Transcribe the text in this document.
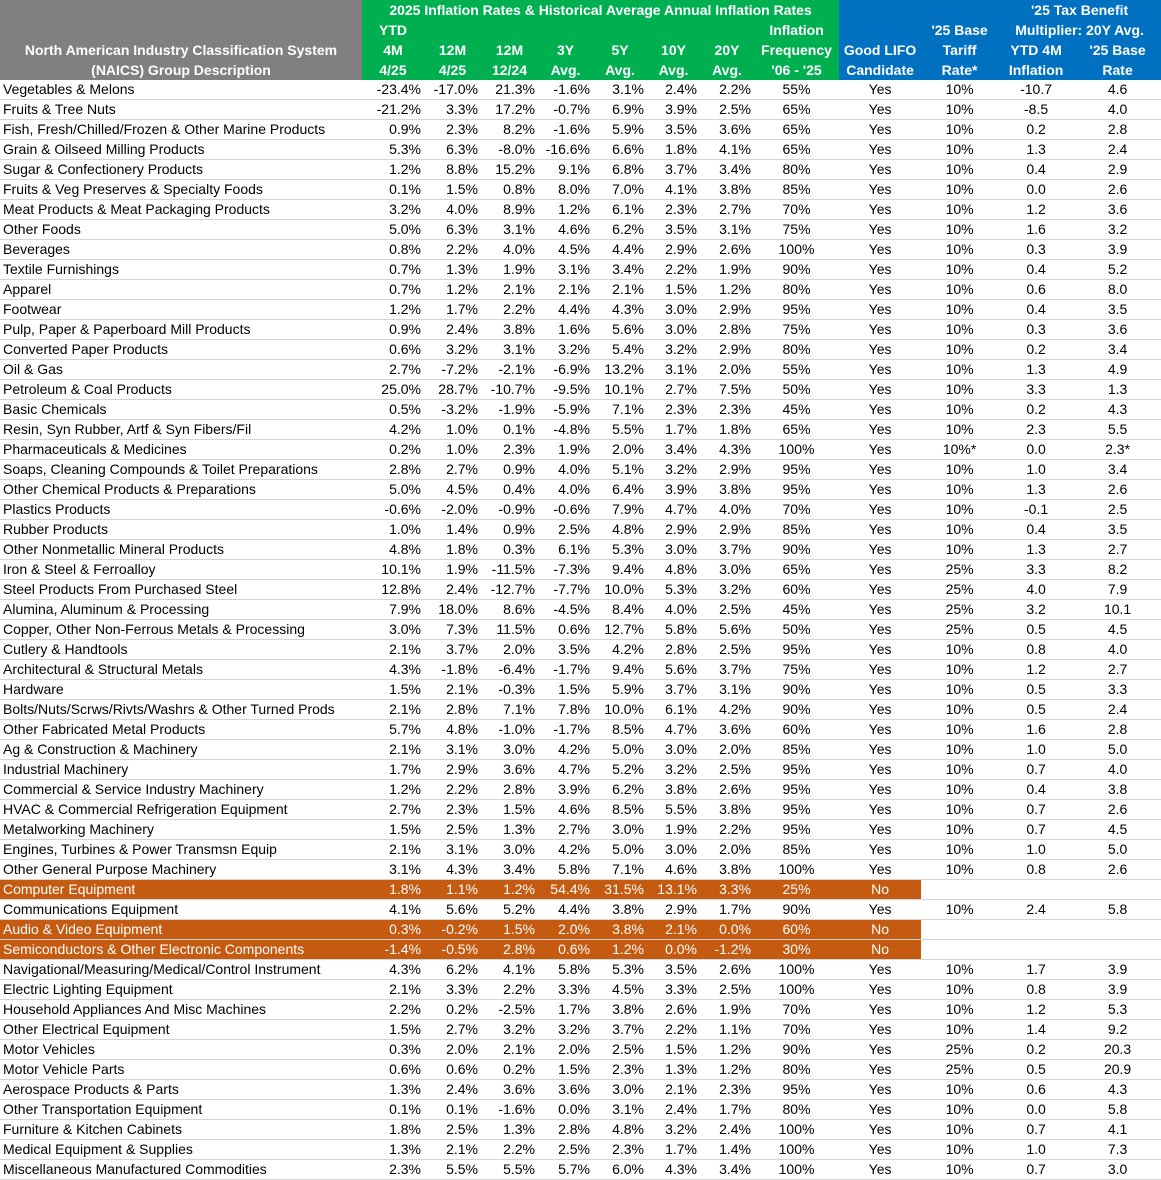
	2025 Inflation Rates & Historical Average Annual Inflation Rates										'25 Tax Benefit	
	YTD							Inflation		'25 Base	Multiplier: 20Y Avg.	
North American Industry Classification System	4M	12M	12M	3Y	5Y	10Y	20Y	Frequency	Good LIFO	Tariff	YTD 4M	'25 Base
(NAICS) Group Description	4/25	4/25	12/24	Avg.	Avg.	Avg.	Avg.	'06 - '25	Candidate	Rate*	Inflation	Rate
Vegetables & Melons	-23.4%	-17.0%	21.3%	-1.6%	3.1%	2.4%	2.2%	55%	Yes	10%	-10.7	4.6
Fruits & Tree Nuts	-21.2%	3.3%	17.2%	-0.7%	6.9%	3.9%	2.5%	65%	Yes	10%	-8.5	4.0
Fish, Fresh/Chilled/Frozen & Other Marine Products	0.9%	2.3%	8.2%	-1.6%	5.9%	3.5%	3.6%	65%	Yes	10%	0.2	2.8
Grain & Oilseed Milling Products	5.3%	6.3%	-8.0%	-16.6%	6.6%	1.8%	4.1%	65%	Yes	10%	1.3	2.4
Sugar & Confectionery Products	1.2%	8.8%	15.2%	9.1%	6.8%	3.7%	3.4%	80%	Yes	10%	0.4	2.9
Fruits & Veg Preserves & Specialty Foods	0.1%	1.5%	0.8%	8.0%	7.0%	4.1%	3.8%	85%	Yes	10%	0.0	2.6
Meat Products & Meat Packaging Products	3.2%	4.0%	8.9%	1.2%	6.1%	2.3%	2.7%	70%	Yes	10%	1.2	3.6
Other Foods	5.0%	6.3%	3.1%	4.6%	6.2%	3.5%	3.1%	75%	Yes	10%	1.6	3.2
Beverages	0.8%	2.2%	4.0%	4.5%	4.4%	2.9%	2.6%	100%	Yes	10%	0.3	3.9
Textile Furnishings	0.7%	1.3%	1.9%	3.1%	3.4%	2.2%	1.9%	90%	Yes	10%	0.4	5.2
Apparel	0.7%	1.2%	2.1%	2.1%	2.1%	1.5%	1.2%	80%	Yes	10%	0.6	8.0
Footwear	1.2%	1.7%	2.2%	4.4%	4.3%	3.0%	2.9%	95%	Yes	10%	0.4	3.5
Pulp, Paper & Paperboard Mill Products	0.9%	2.4%	3.8%	1.6%	5.6%	3.0%	2.8%	75%	Yes	10%	0.3	3.6
Converted Paper Products	0.6%	3.2%	3.1%	3.2%	5.4%	3.2%	2.9%	80%	Yes	10%	0.2	3.4
Oil & Gas	2.7%	-7.2%	-2.1%	-6.9%	13.2%	3.1%	2.0%	55%	Yes	10%	1.3	4.9
Petroleum & Coal Products	25.0%	28.7%	-10.7%	-9.5%	10.1%	2.7%	7.5%	50%	Yes	10%	3.3	1.3
Basic Chemicals	0.5%	-3.2%	-1.9%	-5.9%	7.1%	2.3%	2.3%	45%	Yes	10%	0.2	4.3
Resin, Syn Rubber, Artf & Syn Fibers/Fil	4.2%	1.0%	0.1%	-4.8%	5.5%	1.7%	1.8%	65%	Yes	10%	2.3	5.5
Pharmaceuticals & Medicines	0.2%	1.0%	2.3%	1.9%	2.0%	3.4%	4.3%	100%	Yes	10%*	0.0	2.3*
Soaps, Cleaning Compounds & Toilet Preparations	2.8%	2.7%	0.9%	4.0%	5.1%	3.2%	2.9%	95%	Yes	10%	1.0	3.4
Other Chemical Products & Preparations	5.0%	4.5%	0.4%	4.0%	6.4%	3.9%	3.8%	95%	Yes	10%	1.3	2.6
Plastics Products	-0.6%	-2.0%	-0.9%	-0.6%	7.9%	4.7%	4.0%	70%	Yes	10%	-0.1	2.5
Rubber Products	1.0%	1.4%	0.9%	2.5%	4.8%	2.9%	2.9%	85%	Yes	10%	0.4	3.5
Other Nonmetallic Mineral Products	4.8%	1.8%	0.3%	6.1%	5.3%	3.0%	3.7%	90%	Yes	10%	1.3	2.7
Iron & Steel & Ferroalloy	10.1%	1.9%	-11.5%	-7.3%	9.4%	4.8%	3.0%	65%	Yes	25%	3.3	8.2
Steel Products From Purchased Steel	12.8%	2.4%	-12.7%	-7.7%	10.0%	5.3%	3.2%	60%	Yes	25%	4.0	7.9
Alumina, Aluminum & Processing	7.9%	18.0%	8.6%	-4.5%	8.4%	4.0%	2.5%	45%	Yes	25%	3.2	10.1
Copper, Other Non-Ferrous Metals & Processing	3.0%	7.3%	11.5%	0.6%	12.7%	5.8%	5.6%	50%	Yes	25%	0.5	4.5
Cutlery & Handtools	2.1%	3.7%	2.0%	3.5%	4.2%	2.8%	2.5%	95%	Yes	10%	0.8	4.0
Architectural & Structural Metals	4.3%	-1.8%	-6.4%	-1.7%	9.4%	5.6%	3.7%	75%	Yes	10%	1.2	2.7
Hardware	1.5%	2.1%	-0.3%	1.5%	5.9%	3.7%	3.1%	90%	Yes	10%	0.5	3.3
Bolts/Nuts/Scrws/Rivts/Washrs & Other Turned Prods	2.1%	2.8%	7.1%	7.8%	10.0%	6.1%	4.2%	90%	Yes	10%	0.5	2.4
Other Fabricated Metal Products	5.7%	4.8%	-1.0%	-1.7%	8.5%	4.7%	3.6%	60%	Yes	10%	1.6	2.8
Ag & Construction & Machinery	2.1%	3.1%	3.0%	4.2%	5.0%	3.0%	2.0%	85%	Yes	10%	1.0	5.0
Industrial Machinery	1.7%	2.9%	3.6%	4.7%	5.2%	3.2%	2.5%	95%	Yes	10%	0.7	4.0
Commercial & Service Industry Machinery	1.2%	2.2%	2.8%	3.9%	6.2%	3.8%	2.6%	95%	Yes	10%	0.4	3.8
HVAC & Commercial Refrigeration Equipment	2.7%	2.3%	1.5%	4.6%	8.5%	5.5%	3.8%	95%	Yes	10%	0.7	2.6
Metalworking Machinery	1.5%	2.5%	1.3%	2.7%	3.0%	1.9%	2.2%	95%	Yes	10%	0.7	4.5
Engines, Turbines & Power Transmsn Equip	2.1%	3.1%	3.0%	4.2%	5.0%	3.0%	2.0%	85%	Yes	10%	1.0	5.0
Other General Purpose Machinery	3.1%	4.3%	3.4%	5.8%	7.1%	4.6%	3.8%	100%	Yes	10%	0.8	2.6
Computer Equipment	1.8%	1.1%	1.2%	54.4%	31.5%	13.1%	3.3%	25%	No			
Communications Equipment	4.1%	5.6%	5.2%	4.4%	3.8%	2.9%	1.7%	90%	Yes	10%	2.4	5.8
Audio & Video Equipment	0.3%	-0.2%	1.5%	2.0%	3.8%	2.1%	0.0%	60%	No			
Semiconductors & Other Electronic Components	-1.4%	-0.5%	2.8%	0.6%	1.2%	0.0%	-1.2%	30%	No			
Navigational/Measuring/Medical/Control Instrument	4.3%	6.2%	4.1%	5.8%	5.3%	3.5%	2.6%	100%	Yes	10%	1.7	3.9
Electric Lighting Equipment	2.1%	3.3%	2.2%	3.3%	4.5%	3.3%	2.5%	100%	Yes	10%	0.8	3.9
Household Appliances And Misc Machines	2.2%	0.2%	-2.5%	1.7%	3.8%	2.6%	1.9%	70%	Yes	10%	1.2	5.3
Other Electrical Equipment	1.5%	2.7%	3.2%	3.2%	3.7%	2.2%	1.1%	70%	Yes	10%	1.4	9.2
Motor Vehicles	0.3%	2.0%	2.1%	2.0%	2.5%	1.5%	1.2%	90%	Yes	25%	0.2	20.3
Motor Vehicle Parts	0.6%	0.6%	0.2%	1.5%	2.3%	1.3%	1.2%	80%	Yes	25%	0.5	20.9
Aerospace Products & Parts	1.3%	2.4%	3.6%	3.6%	3.0%	2.1%	2.3%	95%	Yes	10%	0.6	4.3
Other Transportation Equipment	0.1%	0.1%	-1.6%	0.0%	3.1%	2.4%	1.7%	80%	Yes	10%	0.0	5.8
Furniture & Kitchen Cabinets	1.8%	2.5%	1.3%	2.8%	4.8%	3.2%	2.4%	100%	Yes	10%	0.7	4.1
Medical Equipment & Supplies	1.3%	2.1%	2.2%	2.5%	2.3%	1.7%	1.4%	100%	Yes	10%	1.0	7.3
Miscellaneous Manufactured Commodities	2.3%	5.5%	5.5%	5.7%	6.0%	4.3%	3.4%	100%	Yes	10%	0.7	3.0
